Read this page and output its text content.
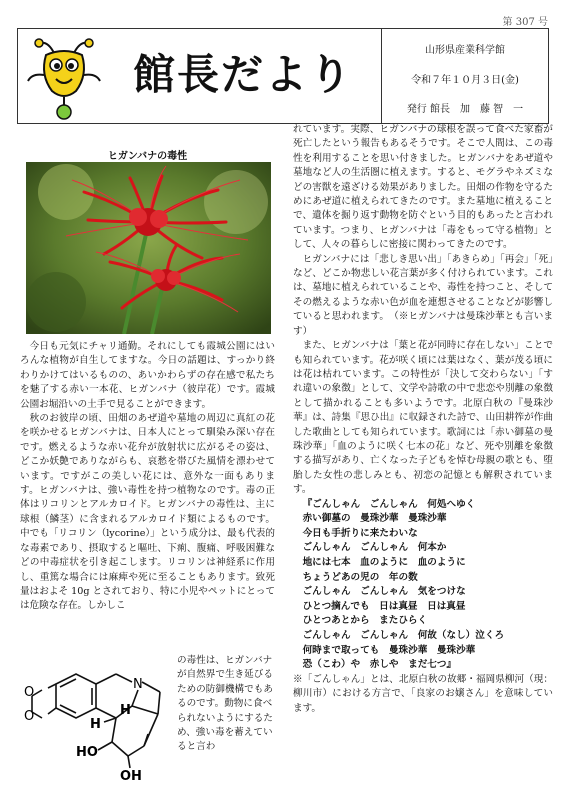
第 307 号
館長だより	山形県産業科学館
令和７年１０月３日(金)
発行 館長　加　藤 智　一
ヒガンバナの毒性

今日も元気にチャリ通勤。それにしても霞城公園にはいろんな植物が自生してますな。今日の話題は、すっかり終わりかけてはいるものの、あいかわらずの存在感で私たちを魅了する赤い一本花、ヒガンバナ（彼岸花）です。霞城公園お堀沿いの土手で見ることができます。

秋のお彼岸の頃、田畑のあぜ道や墓地の周辺に真紅の花を咲かせるヒガンバナは、日本人にとって馴染み深い存在です。燃えるような赤い花弁が放射状に広がるその姿は、どこか妖艶でありながらも、哀愁を帯びた風情を漂わせています。ですがこの美しい花には、意外な一面もあります。ヒガンバナは、強い毒性を持つ植物なのです。毒の正体はリコリンとアルカロイド。ヒガンバナの毒性は、主に球根（鱗茎）に含まれるアルカロイド類によるものです。中でも「リコリン（lycorine）」という成分は、最も代表的な毒素であり、摂取すると嘔吐、下痢、腹痛、呼吸困難などの中毒症状を引き起こします。リコリンは神経系に作用し、重篤な場合には麻痺や死に至ることもあります。致死量はおよそ 10g とされており、特に小児やペットにとっては危険な存在。しかしこ

O
O
N
H
H
HO
OH
の毒性は、ヒガンバナが自然界で生き延びるための防御機構でもあるのです。動物に食べられないようにするため、強い毒を蓄えていると言わ

れています。実際、ヒガンバナの球根を誤って食べた家畜が死亡したという報告もあるそうです。そこで人間は、この毒性を利用することを思い付きました。ヒガンバナをあぜ道や墓地など人の生活圏に植えます。すると、モグラやネズミなどの害獣を遠ざける効果がありました。田畑の作物を守るためにあぜ道に植えられてきたのです。また墓地に植えることで、遺体を掘り返す動物を防ぐという目的もあったと言われています。つまり、ヒガンバナは「毒をもって守る植物」として、人々の暮らしに密接に関わってきたのです。

ヒガンバナには「悲しき思い出」「あきらめ」「再会」「死」など、どこか物悲しい花言葉が多く付けられています。これは、墓地に植えられていることや、毒性を持つこと、そしてその燃えるような赤い色が血を連想させることなどが影響していると思われます。　（※ヒガンバナは曼珠沙華とも言います）

また、ヒガンバナは「葉と花が同時に存在しない」ことでも知られています。花が咲く頃には葉はなく、葉が茂る頃には花は枯れています。この特性が「決して交わらない」「すれ違いの象徴」として、文学や詩歌の中で悲恋や別離の象徴として描かれることも多いようです。北原白秋の『曼珠沙華』は、詩集『思ひ出』に収録された詩で、山田耕筰が作曲した歌曲としても知られています。歌詞には「赤い御墓の曼珠沙華」「血のように咲く七本の花」など、死や別離を象徴する描写があり、亡くなった子どもを悼む母親の歌とも、堕胎した女性の悲しみとも、初恋の記憶とも解釈されています。

『ごんしゃん　ごんしゃん　何処へゆく

赤い御墓の　曼珠沙華　曼珠沙華

今日も手折りに来たわいな

ごんしゃん　ごんしゃん　何本か

地には七本　血のように　血のように

ちょうどあの児の　年の数

ごんしゃん　ごんしゃん　気をつけな

ひとつ摘んでも　日は真昼　日は真昼

ひとつあとから　またひらく

ごんしゃん　ごんしゃん　何故（なし）泣くろ

何時まで取っても　曼珠沙華　曼珠沙華

恐（こわ）や　赤しや　まだ七つ』

※「ごんしゃん」とは、北原白秋の故郷・福岡県柳河（現：柳川市）における方言で、「良家のお嬢さん」を意味しています。
